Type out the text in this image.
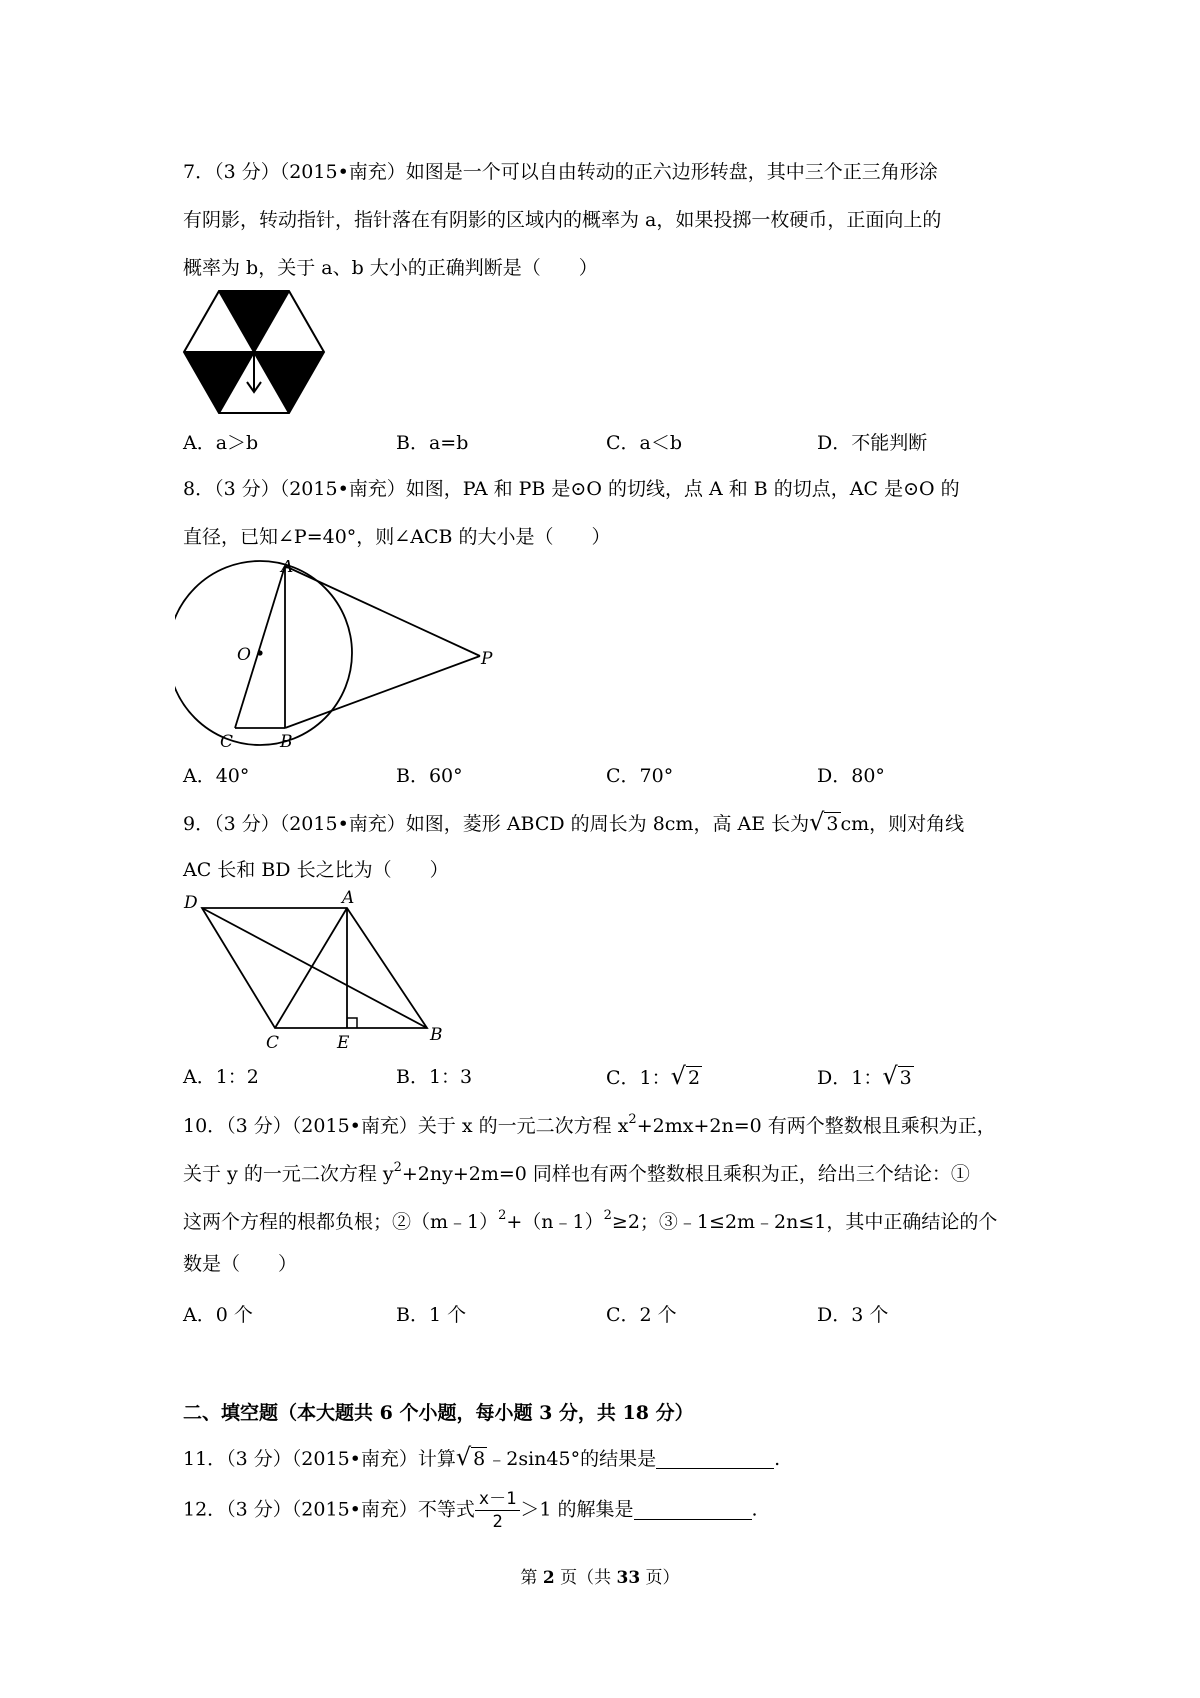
7．（3 分）（2015•南充）如图是一个可以自由转动的正六边形转盘，其中三个正三角形涂
有阴影，转动指针，指针落在有阴影的区域内的概率为 a，如果投掷一枚硬币，正面向上的
概率为 b，关于 a、b 大小的正确判断是（　　）
A．a＞b	B．a=b	C．a＜b	D．不能判断
8．（3 分）（2015•南充）如图，PA 和 PB 是⊙O 的切线，点 A 和 B 的切点，AC 是⊙O 的
直径，已知∠P=40°，则∠ACB 的大小是（　　）
A
O	P
C	B
A．40°	B．60°	C．70°	D．80°
9．（3 分）（2015•南充）如图，菱形 ABCD 的周长为 8cm，高 AE 长为√ 3 cm，则对角线
AC 长和 BD 长之比为（　　）
D	A
C	E	B
A．1：2	B．1：3	C．1：√ 2	D．1：√ 3
10．（3 分）（2015•南充）关于 x 的一元二次方程 $x^2+2mx+2n=0$ 有两个整数根且乘积为正，
关于 y 的一元二次方程 $y^2+2ny+2m=0$ 同样也有两个整数根且乘积为正，给出三个结论：①
这两个方程的根都负根；②（m﹣1）$^2$+（n﹣1）$^2$≥2；③﹣1≤2m﹣2n≤1，其中正确结论的个
数是（　　）
A．0 个	B．1 个	C．2 个	D．3 个
二、填空题（本大题共 6 个小题，每小题 3 分，共 18 分）
11．（3 分）（2015•南充）计算√ 8 ﹣2sin45°的结果是	.
12．（3 分）（2015•南充）不等式 $\frac{x-1}{2} >1$ 的解集是	.
第 2 页（共 33 页）
